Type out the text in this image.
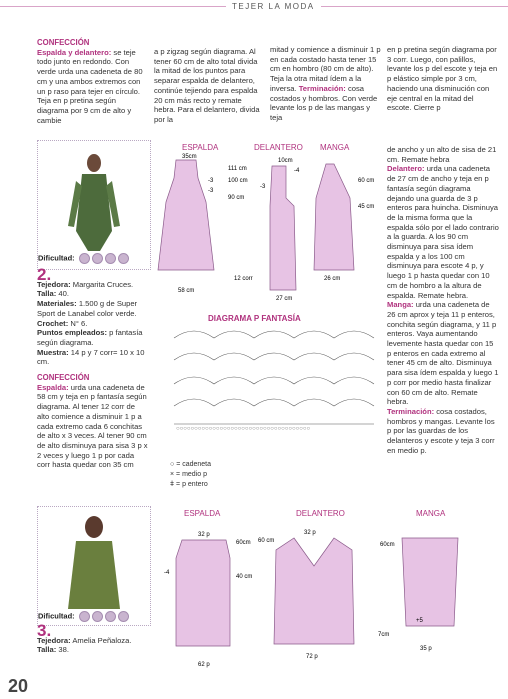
TEJER LA MODA
CONFECCIÓN
Espalda y delantero: se teje todo junto en redondo. Con verde urda una cadeneta de 80 cm y una ambos extremos con un p raso para tejer en círculo. Teja en p pretina según diagrama por 9 cm de alto y cambie
a p zigzag según diagrama. Al tener 60 cm de alto total divida la mitad de los puntos para separar espalda de delantero, continúe tejiendo para espalda 20 cm más recto y remate hebra. Para el delantero, divida por la
mitad y comience a disminuir 1 p en cada costado hasta tener 15 cm en hombro (80 cm de alto). Teja la otra mitad ídem a la inversa. Terminación: cosa costados y hombros. Con verde levante los p de las mangas y teja
en p pretina según diagrama por 3 corr. Luego, con palillos, levante los p del escote y teja en p elástico simple por 3 cm, haciendo una disminución con eje central en la mitad del escote. Cierre p
Dificultad:
2.
Tejedora: Margarita Cruces.
Talla: 40.
Materiales: 1.500 g de Super Sport de Lanabel color verde.
Crochet: N° 6.
Puntos empleados: p fantasía según diagrama.
Muestra: 14 p y 7 corr= 10 x 10 cm.
CONFECCIÓN
Espalda: urda una cadeneta de 58 cm y teja en p fantasía según diagrama. Al tener 12 corr de alto comience a disminuir 1 p a cada extremo cada 6 conchitas de alto x 3 veces. Al tener 90 cm de alto disminuya para sisa 3 p x 2 veces y luego 1 p por cada corr hasta quedar con 35 cm
ESPALDA	DELANTERO MANGA
35cm
111 cm
100 cm
90 cm
-3
-3
12 corr
58 cm
10cm
-4
-3
27 cm
60 cm
45 cm
26 cm
DIAGRAMA P FANTASÍA
○○○○○○○○○○○○○○○○○○○○○○○○○○○○○○○○○○○○○
○ = cadeneta
× = medio p
ǂ = p entero
de ancho y un alto de sisa de 21 cm. Remate hebra
Delantero: urda una cadeneta de 27 cm de ancho y teja en p fantasía según diagrama dejando una guarda de 3 p enteros para huincha. Disminuya de la misma forma que la espalda sólo por el lado contrario a la guarda. A los 90 cm disminuya para sisa ídem espalda y a los 100 cm disminuya para escote 4 p, y luego 1 p hasta quedar con 10 cm de hombro a la altura de espalda. Remate hebra.
Manga: urda una cadeneta de 26 cm aprox y teja 11 p enteros, conchita según diagrama, y 11 p enteros. Vaya aumentando levemente hasta quedar con 15 p enteros en cada extremo al tener 45 cm de alto. Disminuya para sisa ídem espalda y luego 1 p corr por medio hasta finalizar con 60 cm de alto. Remate hebra.
Terminación: cosa costados, hombros y mangas. Levante los p por las guardas de los delanteros y escote y teja 3 corr en medio p.
Dificultad:
3.
Tejedora: Amelia Peñaloza.
Talla: 38.
ESPALDA	DELANTERO	MANGA
32 p
-4
60cm
40 cm
62 p
32 p
60 cm
72 p
60cm
7cm
+5
35 p
20
